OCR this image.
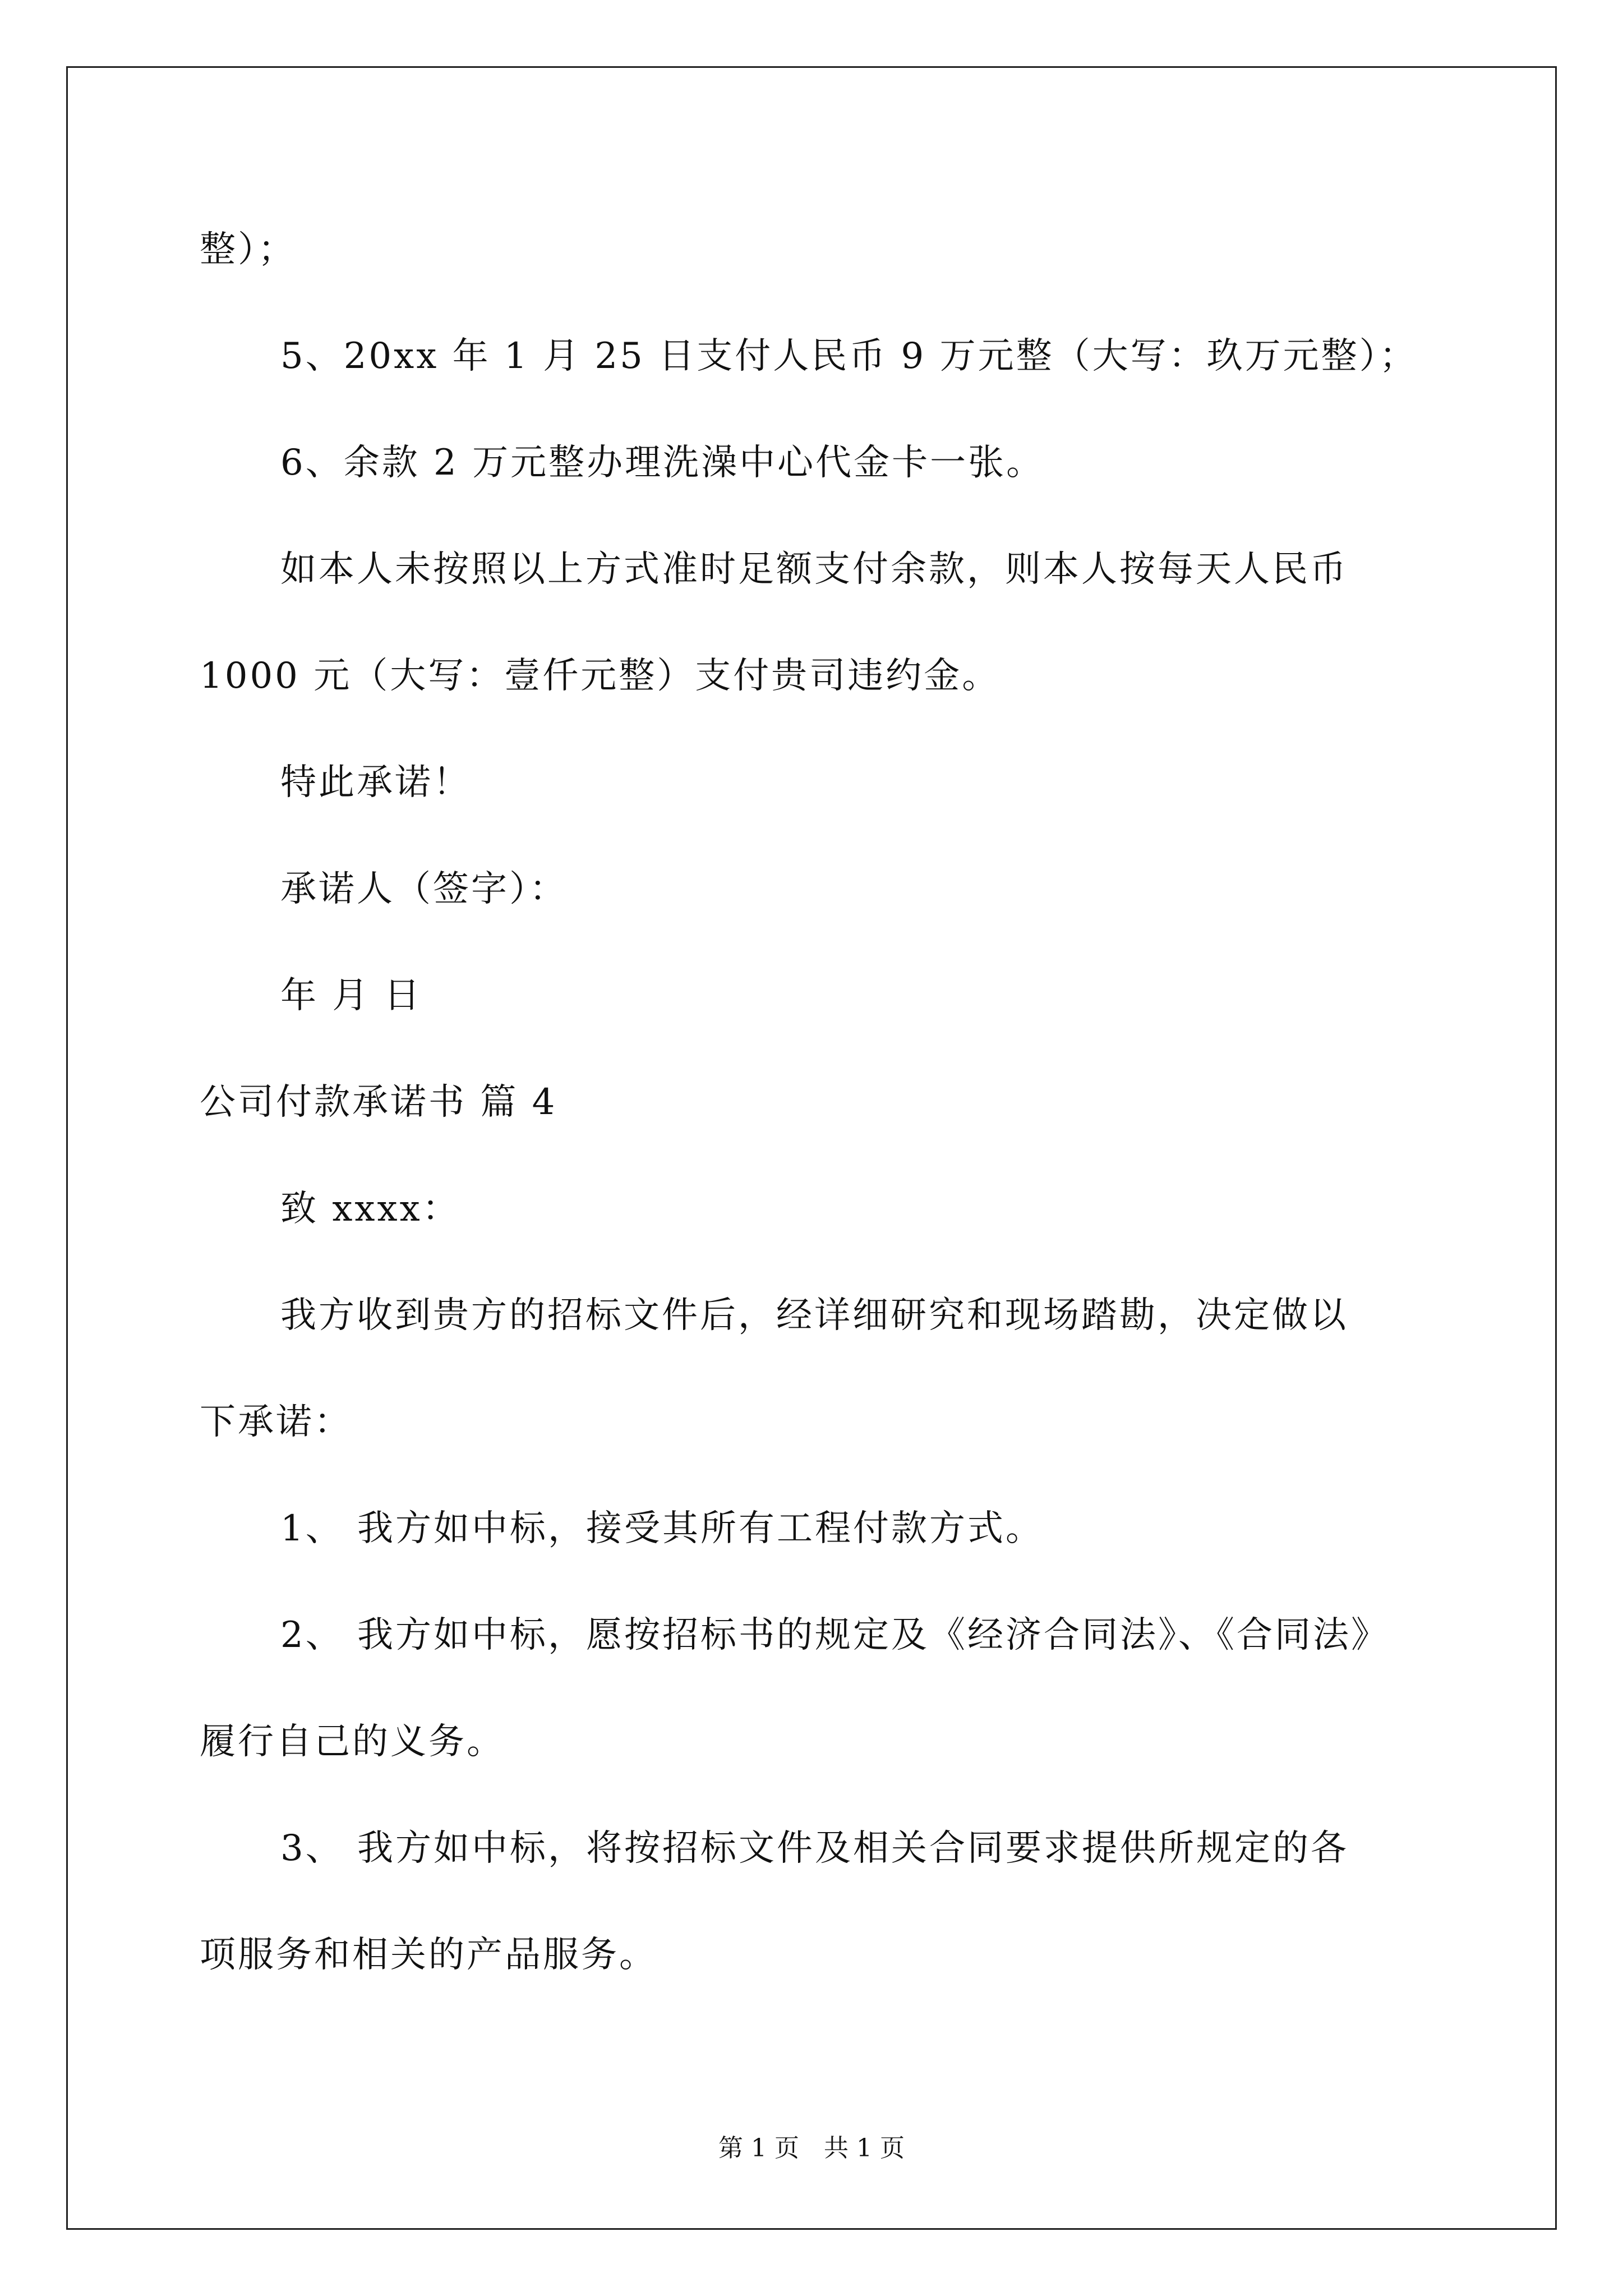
整）；
5、20xx 年 1 月 25 日支付人民币 9 万元整（大写：玖万元整）；
6、余款 2 万元整办理洗澡中心代金卡一张。
如本人未按照以上方式准时足额支付余款，则本人按每天人民币
1000 元（大写：壹仟元整）支付贵司违约金。
特此承诺！
承诺人（签字）：
年 月 日
公司付款承诺书 篇 4
致 xxxx：
我方收到贵方的招标文件后，经详细研究和现场踏勘，决定做以
下承诺：
1、 我方如中标，接受其所有工程付款方式。
2、 我方如中标，愿按招标书的规定及《经济合同法》、《合同法》
履行自己的义务。
3、 我方如中标，将按招标文件及相关合同要求提供所规定的各
项服务和相关的产品服务。
第 1 页　共 1 页
